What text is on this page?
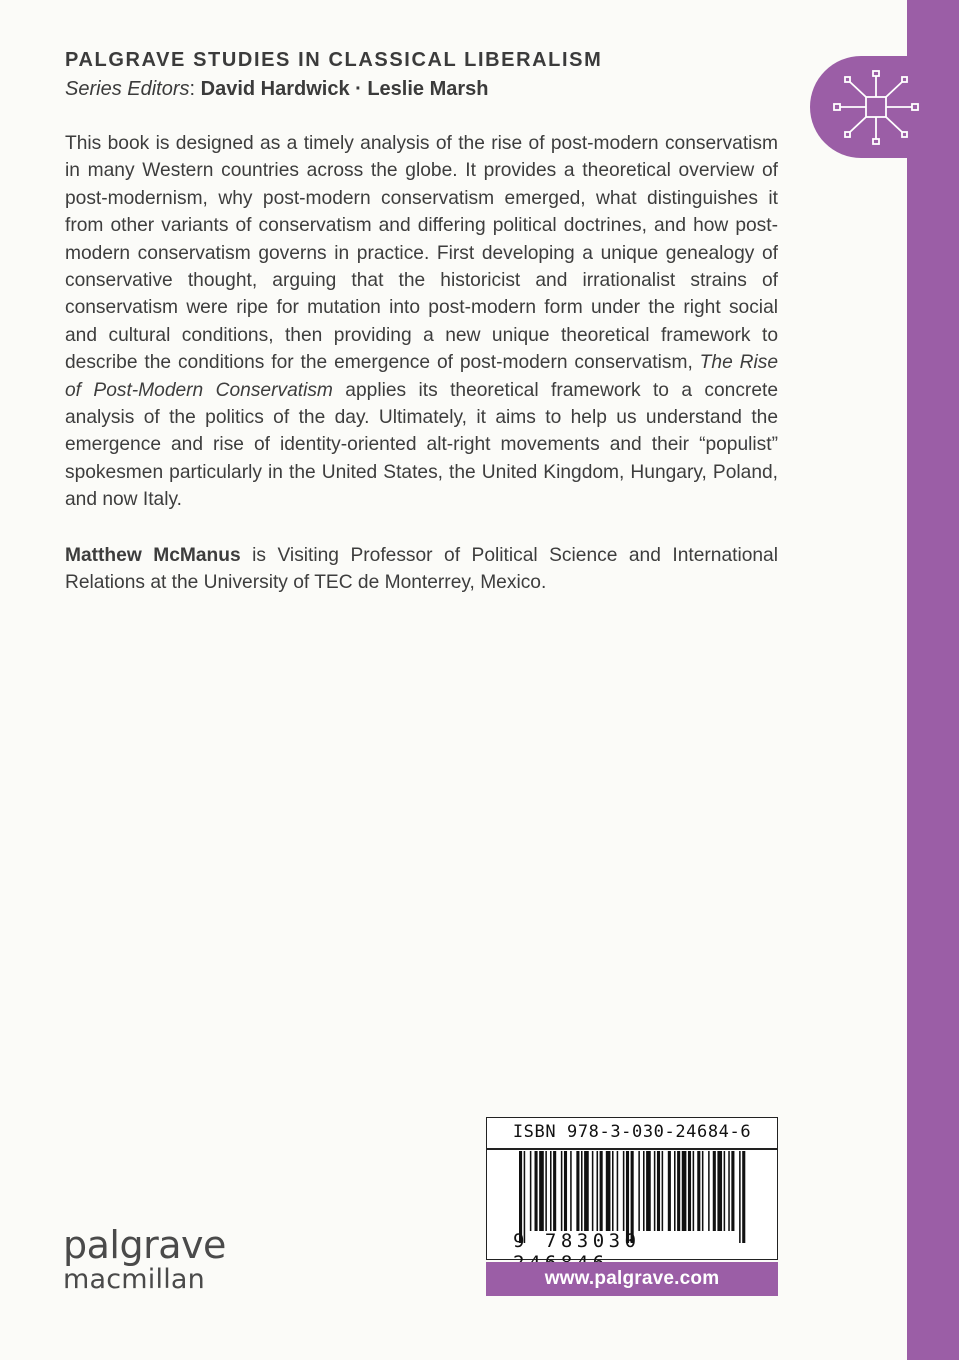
PALGRAVE STUDIES IN CLASSICAL LIBERALISM
Series Editors: David Hardwick · Leslie Marsh

This book is designed as a timely analysis of the rise of post-modern conservatism in many Western countries across the globe. It provides a theoretical overview of post-modernism, why post-modern conservatism emerged, what distinguishes it from other variants of conservatism and differing political doctrines, and how post-modern conservatism governs in practice. First developing a unique genealogy of conservative thought, arguing that the historicist and irrationalist strains of conservatism were ripe for mutation into post-modern form under the right social and cultural conditions, then providing a new unique theoretical framework to describe the conditions for the emergence of post-modern conservatism, The Rise of Post-Modern Conservatism applies its theoretical framework to a concrete analysis of the politics of the day. Ultimately, it aims to help us understand the emergence and rise of identity-oriented alt-right movements and their “populist” spokesmen particularly in the United States, the United Kingdom, Hungary, Poland, and now Italy.

Matthew McManus is Visiting Professor of Political Science and International Relations at the University of TEC de Monterrey, Mexico.
palgrave
macmillan
ISBN 978-3-030-24684-6
9 783030
www.palgrave.com
